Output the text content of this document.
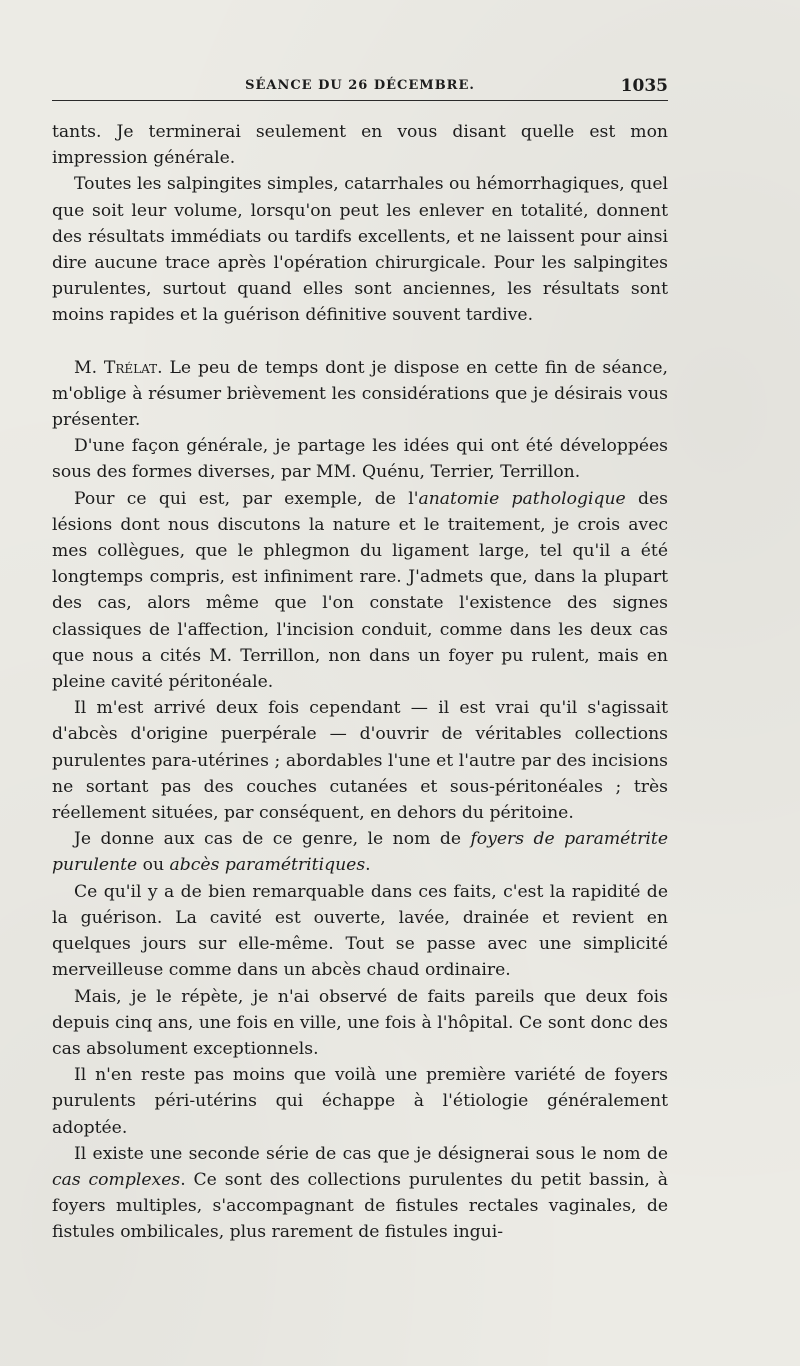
SÉANCE DU 26 DÉCEMBRE.	1035

tants. Je terminerai seulement en vous disant quelle est mon impression générale.

Toutes les salpingites simples, catarrhales ou hémorrhagiques, quel que soit leur volume, lorsqu'on peut les enlever en totalité, donnent des résultats immédiats ou tardifs excellents, et ne laissent pour ainsi dire aucune trace après l'opération chirurgicale. Pour les salpingites purulentes, surtout quand elles sont anciennes, les résultats sont moins rapides et la guérison définitive souvent tardive.

M. Trélat. Le peu de temps dont je dispose en cette fin de séance, m'oblige à résumer brièvement les considérations que je désirais vous présenter.

D'une façon générale, je partage les idées qui ont été développées sous des formes diverses, par MM. Quénu, Terrier, Terrillon.

Pour ce qui est, par exemple, de l'anatomie pathologique des lésions dont nous discutons la nature et le traitement, je crois avec mes collègues, que le phlegmon du ligament large, tel qu'il a été longtemps compris, est infiniment rare. J'admets que, dans la plupart des cas, alors même que l'on constate l'existence des signes classiques de l'affection, l'incision conduit, comme dans les deux cas que nous a cités M. Terrillon, non dans un foyer pu rulent, mais en pleine cavité péritonéale.

Il m'est arrivé deux fois cependant — il est vrai qu'il s'agissait d'abcès d'origine puerpérale — d'ouvrir de véritables collections purulentes para-utérines ; abordables l'une et l'autre par des incisions ne sortant pas des couches cutanées et sous-péritonéales ; très réellement situées, par conséquent, en dehors du péritoine.

Je donne aux cas de ce genre, le nom de foyers de paramétrite purulente ou abcès paramétritiques.

Ce qu'il y a de bien remarquable dans ces faits, c'est la rapidité de la guérison. La cavité est ouverte, lavée, drainée et revient en quelques jours sur elle-même. Tout se passe avec une simplicité merveilleuse comme dans un abcès chaud ordinaire.

Mais, je le répète, je n'ai observé de faits pareils que deux fois depuis cinq ans, une fois en ville, une fois à l'hôpital. Ce sont donc des cas absolument exceptionnels.

Il n'en reste pas moins que voilà une première variété de foyers purulents péri-utérins qui échappe à l'étiologie généralement adoptée.

Il existe une seconde série de cas que je désignerai sous le nom de cas complexes. Ce sont des collections purulentes du petit bassin, à foyers multiples, s'accompagnant de fistules rectales vaginales, de fistules ombilicales, plus rarement de fistules ingui-
